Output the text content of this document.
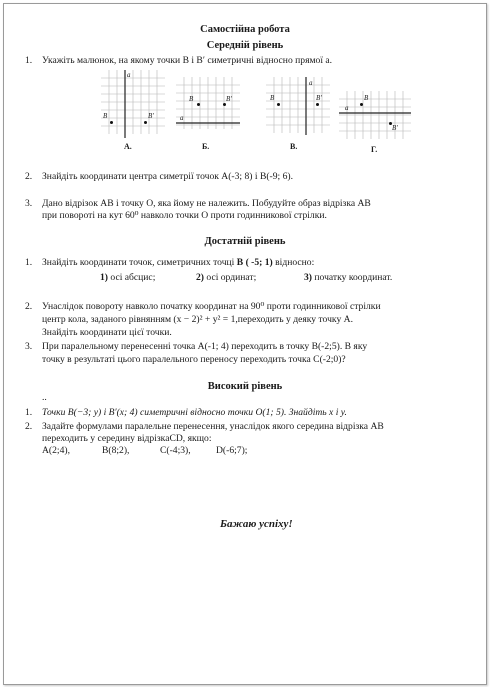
Самостійна робота
Середній рівень
1. Укажіть малюнок, на якому точки B і B′ симетричні відносно прямої a.
a
B	B′
А.
a
B	B′
Б.
a
B	B′
В.
a
B
B′
Г.
2. Знайдіть координати центра симетрії точок A(-3; 8) і B(-9; 6).
3. Дано відрізок AB і точку O, яка йому не належить. Побудуйте образ відрізка AB
при повороті на кут 60⁰ навколо точки O проти годинникової стрілки.
Достатній рівень
1. Знайдіть координати точок, симетричних точці B ( -5; 1) відносно:
1) осі абсцис;	2) осі ординат;	3) початку координат.
2. Унаслідок повороту навколо початку координат на 90⁰ проти годинникової стрілки
центр кола, заданого рівнянням (x − 2)² + y² = 1,переходить у деяку точку A.
Знайдіть координати цієї точки.
3. При паралельному перенесенні точка A(-1; 4) переходить в точку B(-2;5). В яку
точку в результаті цього паралельного переносу переходить точка C(-2;0)?
Високий рівень
..
1. Точки B(−3; y) і B′(x; 4) симетричні відносно точки O(1; 5). Знайдіть x і y.
2. Задайте формулами паралельне перенесення, унаслідок якого середина відрізка AB
переходить у середину відрізкаCD, якщо:
A(2;4),	B(8;2),	C(-4;3),	D(-6;7);
Бажаю успіху!
